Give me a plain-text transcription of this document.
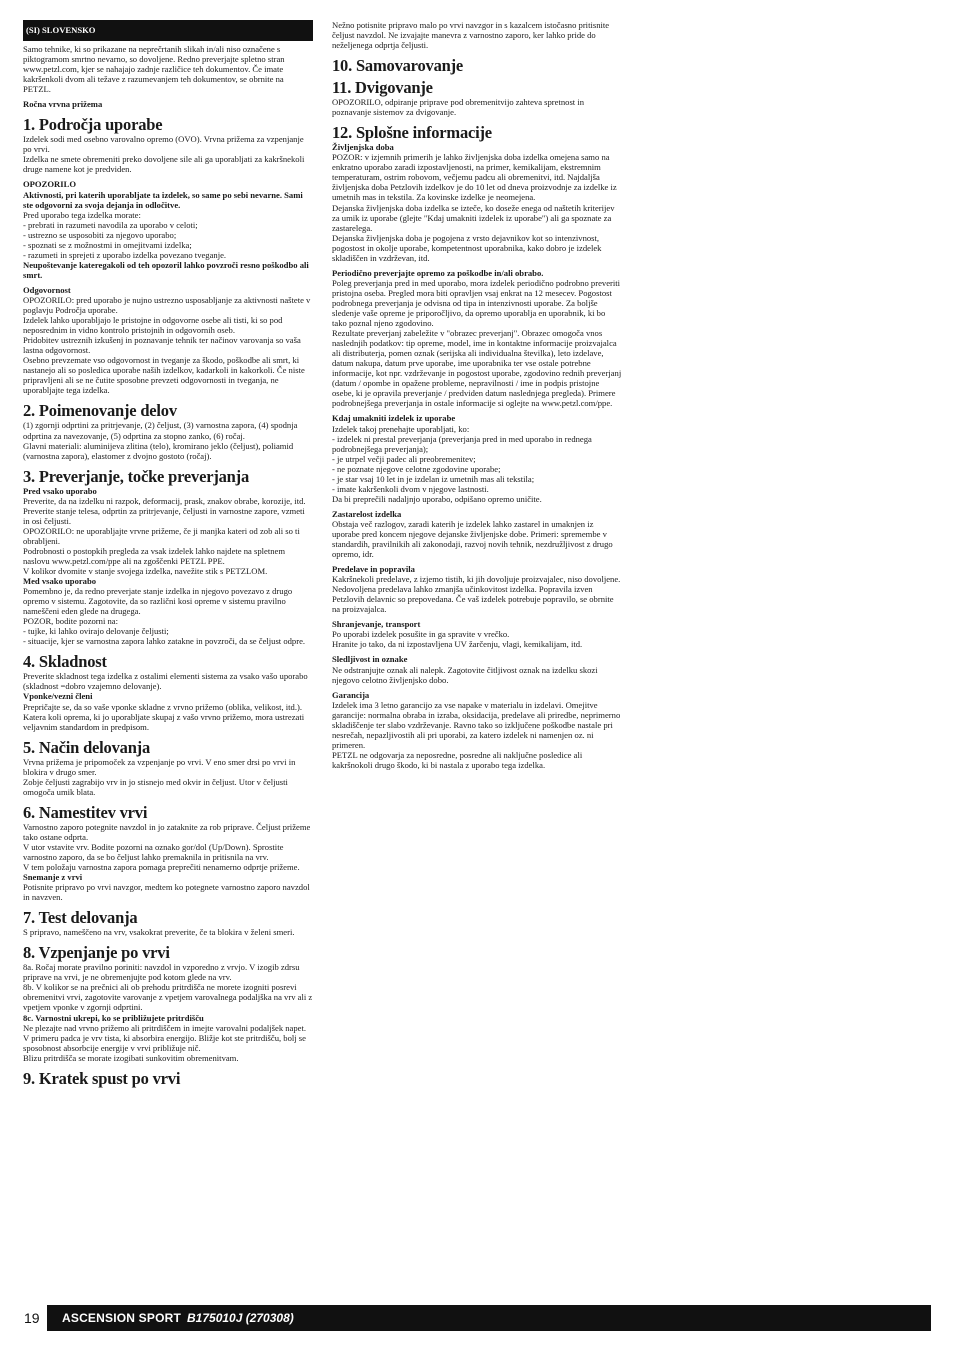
(SI) SLOVENSKO

Samo tehnike, ki so prikazane na neprečrtanih slikah in/ali niso označene s piktogramom smrtno nevarno, so dovoljene. Redno preverjajte spletno stran www.petzl.com, kjer se nahajajo zadnje različice teh dokumentov. Če imate kakršenkoli dvom ali težave z razumevanjem teh dokumentov, se obrnite na PETZL.

Ročna vrvna prižema

1. Področja uporabe

Izdelek sodi med osebno varovalno opremo (OVO). Vrvna prižema za vzpenjanje po vrvi.

Izdelka ne smete obremeniti preko dovoljene sile ali ga uporabljati za kakršnekoli druge namene kot je predviden.

OPOZORILO

Aktivnosti, pri katerih uporabljate ta izdelek, so same po sebi nevarne. Sami ste odgovorni za svoja dejanja in odločitve.

Pred uporabo tega izdelka morate:

- prebrati in razumeti navodila za uporabo v celoti;

- ustrezno se usposobiti za njegovo uporabo;

- spoznati se z možnostmi in omejitvami izdelka;

- razumeti in sprejeti z uporabo izdelka povezano tveganje.

Neupoštevanje kateregakoli od teh opozoril lahko povzroči resno poškodbo ali smrt.

Odgovornost

OPOZORILO: pred uporabo je nujno ustrezno usposabljanje za aktivnosti naštete v poglavju Področja uporabe.

Izdelek lahko uporabljajo le pristojne in odgovorne osebe ali tisti, ki so pod neposrednim in vidno kontrolo pristojnih in odgovornih oseb.

Pridobitev ustreznih izkušenj in poznavanje tehnik ter načinov varovanja so vaša lastna odgovornost.

Osebno prevzemate vso odgovornost in tveganje za škodo, poškodbe ali smrt, ki nastanejo ali so posledica uporabe naših izdelkov, kadarkoli in kakorkoli. Če niste pripravljeni ali se ne čutite sposobne prevzeti odgovornosti in tveganja, ne uporabljajte tega izdelka.

2. Poimenovanje delov

(1) zgornji odprtini za pritrjevanje, (2) čeljust, (3) varnostna zapora, (4) spodnja odprtina za navezovanje, (5) odprtina za stopno zanko, (6) ročaj.

Glavni materiali: aluminijeva zlitina (telo), kromirano jeklo (čeljust), poliamid (varnostna zapora), elastomer z dvojno gostoto (ročaj).

3. Preverjanje, točke preverjanja

Pred vsako uporabo

Preverite, da na izdelku ni razpok, deformacij, prask, znakov obrabe, korozije, itd.

Preverite stanje telesa, odprtin za pritrjevanje, čeljusti in varnostne zapore, vzmeti in osi čeljusti.

OPOZORILO: ne uporabljajte vrvne prižeme, če ji manjka kateri od zob ali so ti obrabljeni.

Podrobnosti o postopkih pregleda za vsak izdelek lahko najdete na spletnem naslovu www.petzl.com/ppe ali na zgoščenki PETZL PPE.

V kolikor dvomite v stanje svojega izdelka, navežite stik s PETZLOM.

Med vsako uporabo

Pomembno je, da redno preverjate stanje izdelka in njegovo povezavo z drugo opremo v sistemu. Zagotovite, da so različni kosi opreme v sistemu pravilno nameščeni eden glede na drugega.

POZOR, bodite pozorni na:

- tujke, ki lahko ovirajo delovanje čeljusti;

- situacije, kjer se varnostna zapora lahko zatakne in povzroči, da se čeljust odpre.

4. Skladnost

Preverite skladnost tega izdelka z ostalimi elementi sistema za vsako vašo uporabo (skladnost =dobro vzajemno delovanje).

Vponke/vezni členi

Prepričajte se, da so vaše vponke skladne z vrvno prižemo (oblika, velikost, itd.).

Katera koli oprema, ki jo uporabljate skupaj z vašo vrvno prižemo, mora ustrezati veljavnim standardom in predpisom.

5. Način delovanja

Vrvna prižema je pripomoček za vzpenjanje po vrvi. V eno smer drsi po vrvi in blokira v drugo smer.

Zobje čeljusti zagrabijo vrv in jo stisnejo med okvir in čeljust. Utor v čeljusti omogoča umik blata.

6. Namestitev vrvi

Varnostno zaporo potegnite navzdol in jo zataknite za rob priprave. Čeljust prižeme tako ostane odprta.

V utor vstavite vrv. Bodite pozorni na oznako gor/dol (Up/Down). Sprostite varnostno zaporo, da se bo čeljust lahko premaknila in pritisnila na vrv.

V tem položaju varnostna zapora pomaga preprečiti nenamerno odprtje prižeme.

Snemanje z vrvi

Potisnite pripravo po vrvi navzgor, medtem ko potegnete varnostno zaporo navzdol in navzven.

7. Test delovanja

S pripravo, nameščeno na vrv, vsakokrat preverite, če ta blokira v želeni smeri.

8. Vzpenjanje po vrvi

8a. Ročaj morate pravilno poriniti: navzdol in vzporedno z vrvjo. V izogib zdrsu priprave na vrvi, je ne obremenjujte pod kotom glede na vrv.

8b. V kolikor se na prečnici ali ob prehodu pritrdišča ne morete izogniti posrevi obremenitvi vrvi, zagotovite varovanje z vpetjem varovalnega podaljška na vrv ali z vpetjem vponke v zgornji odprtini.

8c. Varnostni ukrepi, ko se približujete pritrdišču

Ne plezajte nad vrvno prižemo ali pritrdiščem in imejte varovalni podaljšek napet.

V primeru padca je vrv tista, ki absorbira energijo. Bližje kot ste pritrdišču, bolj se sposobnost absorbcije energije v vrvi približuje nič.

Blizu pritrdišča se morate izogibati sunkovitim obremenitvam.

9. Kratek spust po vrvi

Nežno potisnite pripravo malo po vrvi navzgor in s kazalcem istočasno pritisnite čeljust navzdol. Ne izvajajte manevra z varnostno zaporo, ker lahko pride do neželjenega odprtja čeljusti.

10. Samovarovanje
11. Dvigovanje

OPOZORILO, odpiranje priprave pod obremenitvijo zahteva spretnost in poznavanje sistemov za dvigovanje.

12. Splošne informacije

Življenjska doba

POZOR: v izjemnih primerih je lahko življenjska doba izdelka omejena samo na enkratno uporabo zaradi izpostavljenosti, na primer, kemikalijam, ekstremnim temperaturam, ostrim robovom, večjemu padcu ali obremenitvi, itd. Najdaljša življenjska doba Petzlovih izdelkov je do 10 let od dneva proizvodnje za izdelke iz umetnih mas in tekstila. Za kovinske izdelke je neomejena.

Dejanska življenjska doba izdelka se izteče, ko doseže enega od naštetih kriterijev za umik iz uporabe (glejte "Kdaj umakniti izdelek iz uporabe") ali ga spoznate za zastarelega.

Dejanska življenjska doba je pogojena z vrsto dejavnikov kot so intenzivnost, pogostost in okolje uporabe, kompetentnost uporabnika, kako dobro je izdelek skladiščen in vzdrževan, itd.

Periodično preverjajte opremo za poškodbe in/ali obrabo.

Poleg preverjanja pred in med uporabo, mora izdelek periodično podrobno preveriti pristojna oseba. Pregled mora biti opravljen vsaj enkrat na 12 mesecev. Pogostost podrobnega preverjanja je odvisna od tipa in intenzivnosti uporabe. Za boljše sledenje vaše opreme je priporočljivo, da opremo uporablja en uporabnik, ki bo tako poznal njeno zgodovino.

Rezultate preverjanj zabeležite v "obrazec preverjanj". Obrazec omogoča vnos naslednjih podatkov: tip opreme, model, ime in kontaktne informacije proizvajalca ali distributerja, pomen oznak (serijska ali individualna številka), leto izdelave, datum nakupa, datum prve uporabe, ime uporabnika ter vse ostale potrebne informacije, kot npr. vzdrževanje in pogostost uporabe, zgodovino rednih preverjanj (datum / opombe in opažene probleme, nepravilnosti / ime in podpis pristojne osebe, ki je opravila preverjanje / predviden datum naslednjega pregleda). Primere podrobnejšega preverjanja in ostale informacije si oglejte na www.petzl.com/ppe.

Kdaj umakniti izdelek iz uporabe

Izdelek takoj prenehajte uporabljati, ko:

- izdelek ni prestal preverjanja (preverjanja pred in med uporabo in rednega podrobnejšega preverjanja);

- je utrpel večji padec ali preobremenitev;

- ne poznate njegove celotne zgodovine uporabe;

- je star vsaj 10 let in je izdelan iz umetnih mas ali tekstila;

- imate kakršenkoli dvom v njegove lastnosti.

Da bi preprečili nadaljnjo uporabo, odpišano opremo uničite.

Zastarelost izdelka

Obstaja več razlogov, zaradi katerih je izdelek lahko zastarel in umaknjen iz uporabe pred koncem njegove dejanske življenjske dobe. Primeri: spremembe v standardih, pravilnikih ali zakonodaji, razvoj novih tehnik, nezdružljivost z drugo opremo, idr.

Predelave in popravila

Kakršnekoli predelave, z izjemo tistih, ki jih dovoljuje proizvajalec, niso dovoljene. Nedovoljena predelava lahko zmanjša učinkovitost izdelka. Popravila izven Petzlovih delavnic so prepovedana. Če vaš izdelek potrebuje popravilo, se obrnite na proizvajalca.

Shranjevanje, transport

Po uporabi izdelek posušite in ga spravite v vrečko.

Hranite jo tako, da ni izpostavljena UV žarčenju, vlagi, kemikalijam, itd.

Sledljivost in oznake

Ne odstranjujte oznak ali nalepk. Zagotovite čitljivost oznak na izdelku skozi njegovo celotno življenjsko dobo.

Garancija

Izdelek ima 3 letno garancijo za vse napake v materialu in izdelavi. Omejitve garancije: normalna obraba in izraba, oksidacija, predelave ali priredbe, neprimerno skladiščenje ter slabo vzdrževanje. Ravno tako so izključene poškodbe nastale pri nesrečah, nepazljivostih ali pri uporabi, za katero izdelek ni namenjen oz. ni primeren.

PETZL ne odgovarja za neposredne, posredne ali naključne posledice ali kakršnokoli drugo škodo, ki bi nastala z uporabo tega izdelka.

19 ASCENSION SPORT B175010J (270308)
